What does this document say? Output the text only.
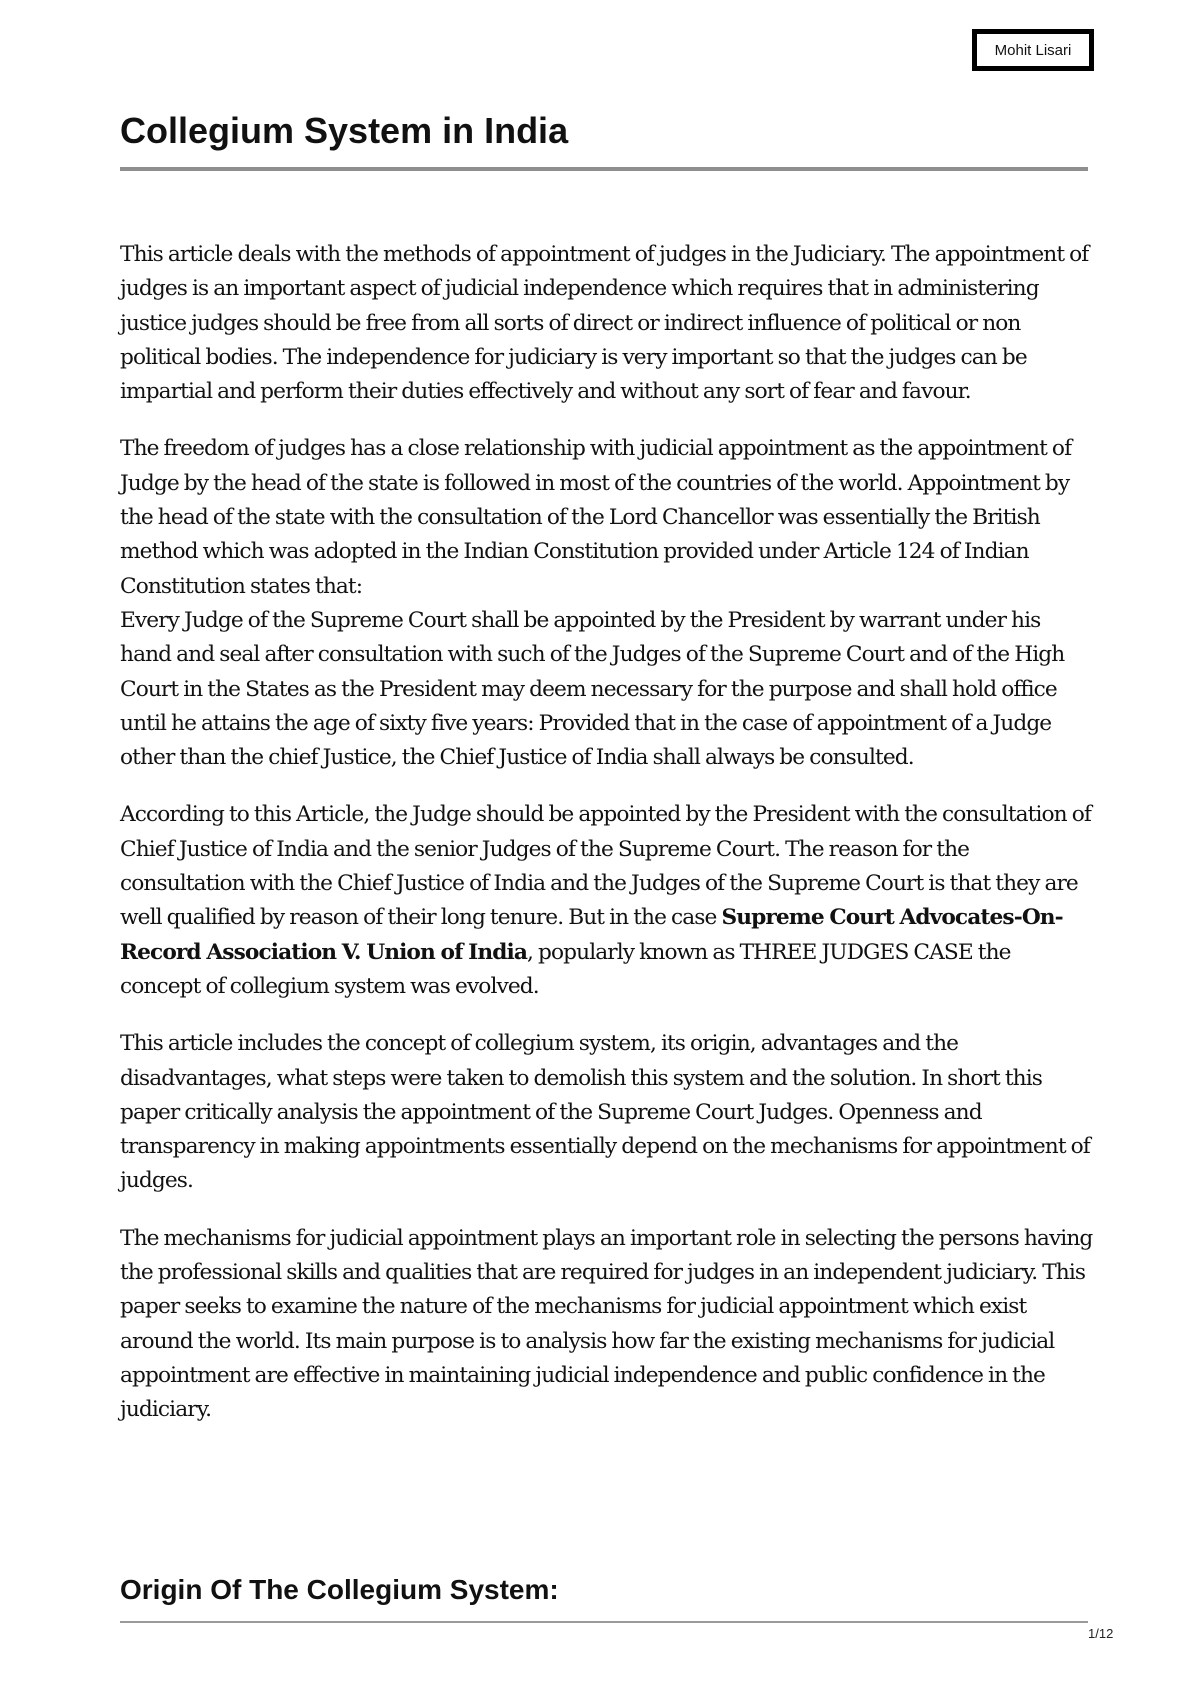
Mohit Lisari
Collegium System in India

This article deals with the methods of appointment of judges in the Judiciary. The appointment of judges is an important aspect of judicial independence which requires that in administering justice judges should be free from all sorts of direct or indirect influence of political or non political bodies. The independence for judiciary is very important so that the judges can be impartial and perform their duties effectively and without any sort of fear and favour.

The freedom of judges has a close relationship with judicial appointment as the appointment of Judge by the head of the state is followed in most of the countries of the world. Appointment by the head of the state with the consultation of the Lord Chancellor was essentially the British method which was adopted in the Indian Constitution provided under Article 124 of Indian Constitution states that:

Every Judge of the Supreme Court shall be appointed by the President by warrant under his hand and seal after consultation with such of the Judges of the Supreme Court and of the High Court in the States as the President may deem necessary for the purpose and shall hold office until he attains the age of sixty five years: Provided that in the case of appointment of a Judge other than the chief Justice, the Chief Justice of India shall always be consulted.

According to this Article, the Judge should be appointed by the President with the consultation of Chief Justice of India and the senior Judges of the Supreme Court. The reason for the consultation with the Chief Justice of India and the Judges of the Supreme Court is that they are well qualified by reason of their long tenure. But in the case Supreme Court Advocates-On-Record Association V. Union of India, popularly known as THREE JUDGES CASE the concept of collegium system was evolved.

This article includes the concept of collegium system, its origin, advantages and the disadvantages, what steps were taken to demolish this system and the solution. In short this paper critically analysis the appointment of the Supreme Court Judges. Openness and transparency in making appointments essentially depend on the mechanisms for appointment of judges.

The mechanisms for judicial appointment plays an important role in selecting the persons having the professional skills and qualities that are required for judges in an independent judiciary. This paper seeks to examine the nature of the mechanisms for judicial appointment which exist around the world. Its main purpose is to analysis how far the existing mechanisms for judicial appointment are effective in maintaining judicial independence and public confidence in the judiciary.

Origin Of The Collegium System:
1/12
